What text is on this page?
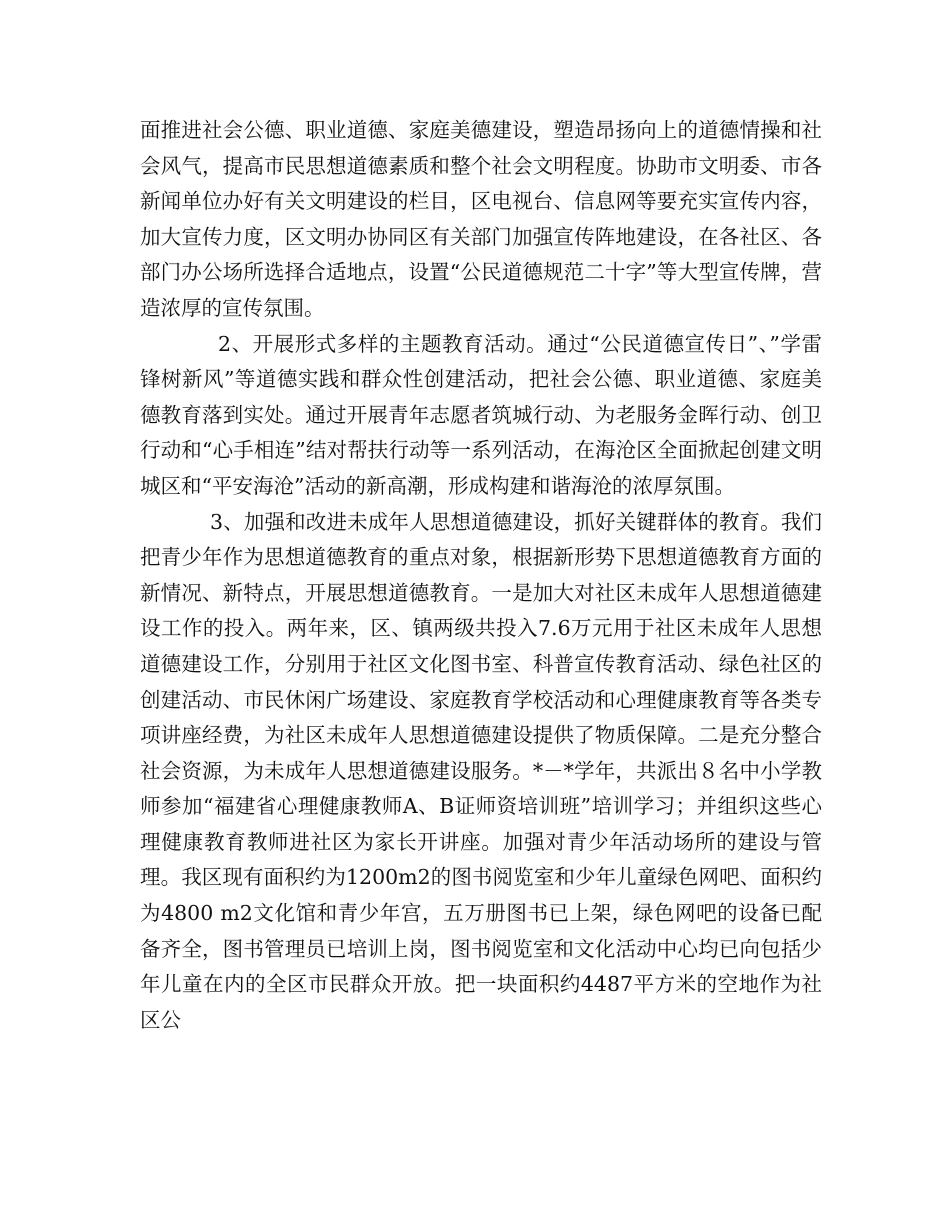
面推进社会公德、职业道德、家庭美德建设，塑造昂扬向上的道德情操和社会风气，提高市民思想道德素质和整个社会文明程度。协助市文明委、市各新闻单位办好有关文明建设的栏目，区电视台、信息网等要充实宣传内容，加大宣传力度，区文明办协同区有关部门加强宣传阵地建设，在各社区、各部门办公场所选择合适地点，设置“公民道德规范二十字”等大型宣传牌，营造浓厚的宣传氛围。

2、开展形式多样的主题教育活动。通过“公民道德宣传日”、”学雷锋树新风”等道德实践和群众性创建活动，把社会公德、职业道德、家庭美德教育落到实处。通过开展青年志愿者筑城行动、为老服务金晖行动、创卫行动和“心手相连”结对帮扶行动等一系列活动，在海沧区全面掀起创建文明城区和“平安海沧”活动的新高潮，形成构建和谐海沧的浓厚氛围。

3、加强和改进未成年人思想道德建设，抓好关键群体的教育。我们把青少年作为思想道德教育的重点对象，根据新形势下思想道德教育方面的新情况、新特点，开展思想道德教育。一是加大对社区未成年人思想道德建设工作的投入。两年来，区、镇两级共投入7.6万元用于社区未成年人思想道德建设工作，分别用于社区文化图书室、科普宣传教育活动、绿色社区的创建活动、市民休闲广场建设、家庭教育学校活动和心理健康教育等各类专项讲座经费，为社区未成年人思想道德建设提供了物质保障。二是充分整合社会资源，为未成年人思想道德建设服务。*－*学年，共派出８名中小学教师参加“福建省心理健康教师A、B证师资培训班”培训学习；并组织这些心理健康教育教师进社区为家长开讲座。加强对青少年活动场所的建设与管理。我区现有面积约为1200m2的图书阅览室和少年儿童绿色网吧、面积约为4800 m2文化馆和青少年宫，五万册图书已上架，绿色网吧的设备已配备齐全，图书管理员已培训上岗，图书阅览室和文化活动中心均已向包括少年儿童在内的全区市民群众开放。把一块面积约4487平方米的空地作为社区公
